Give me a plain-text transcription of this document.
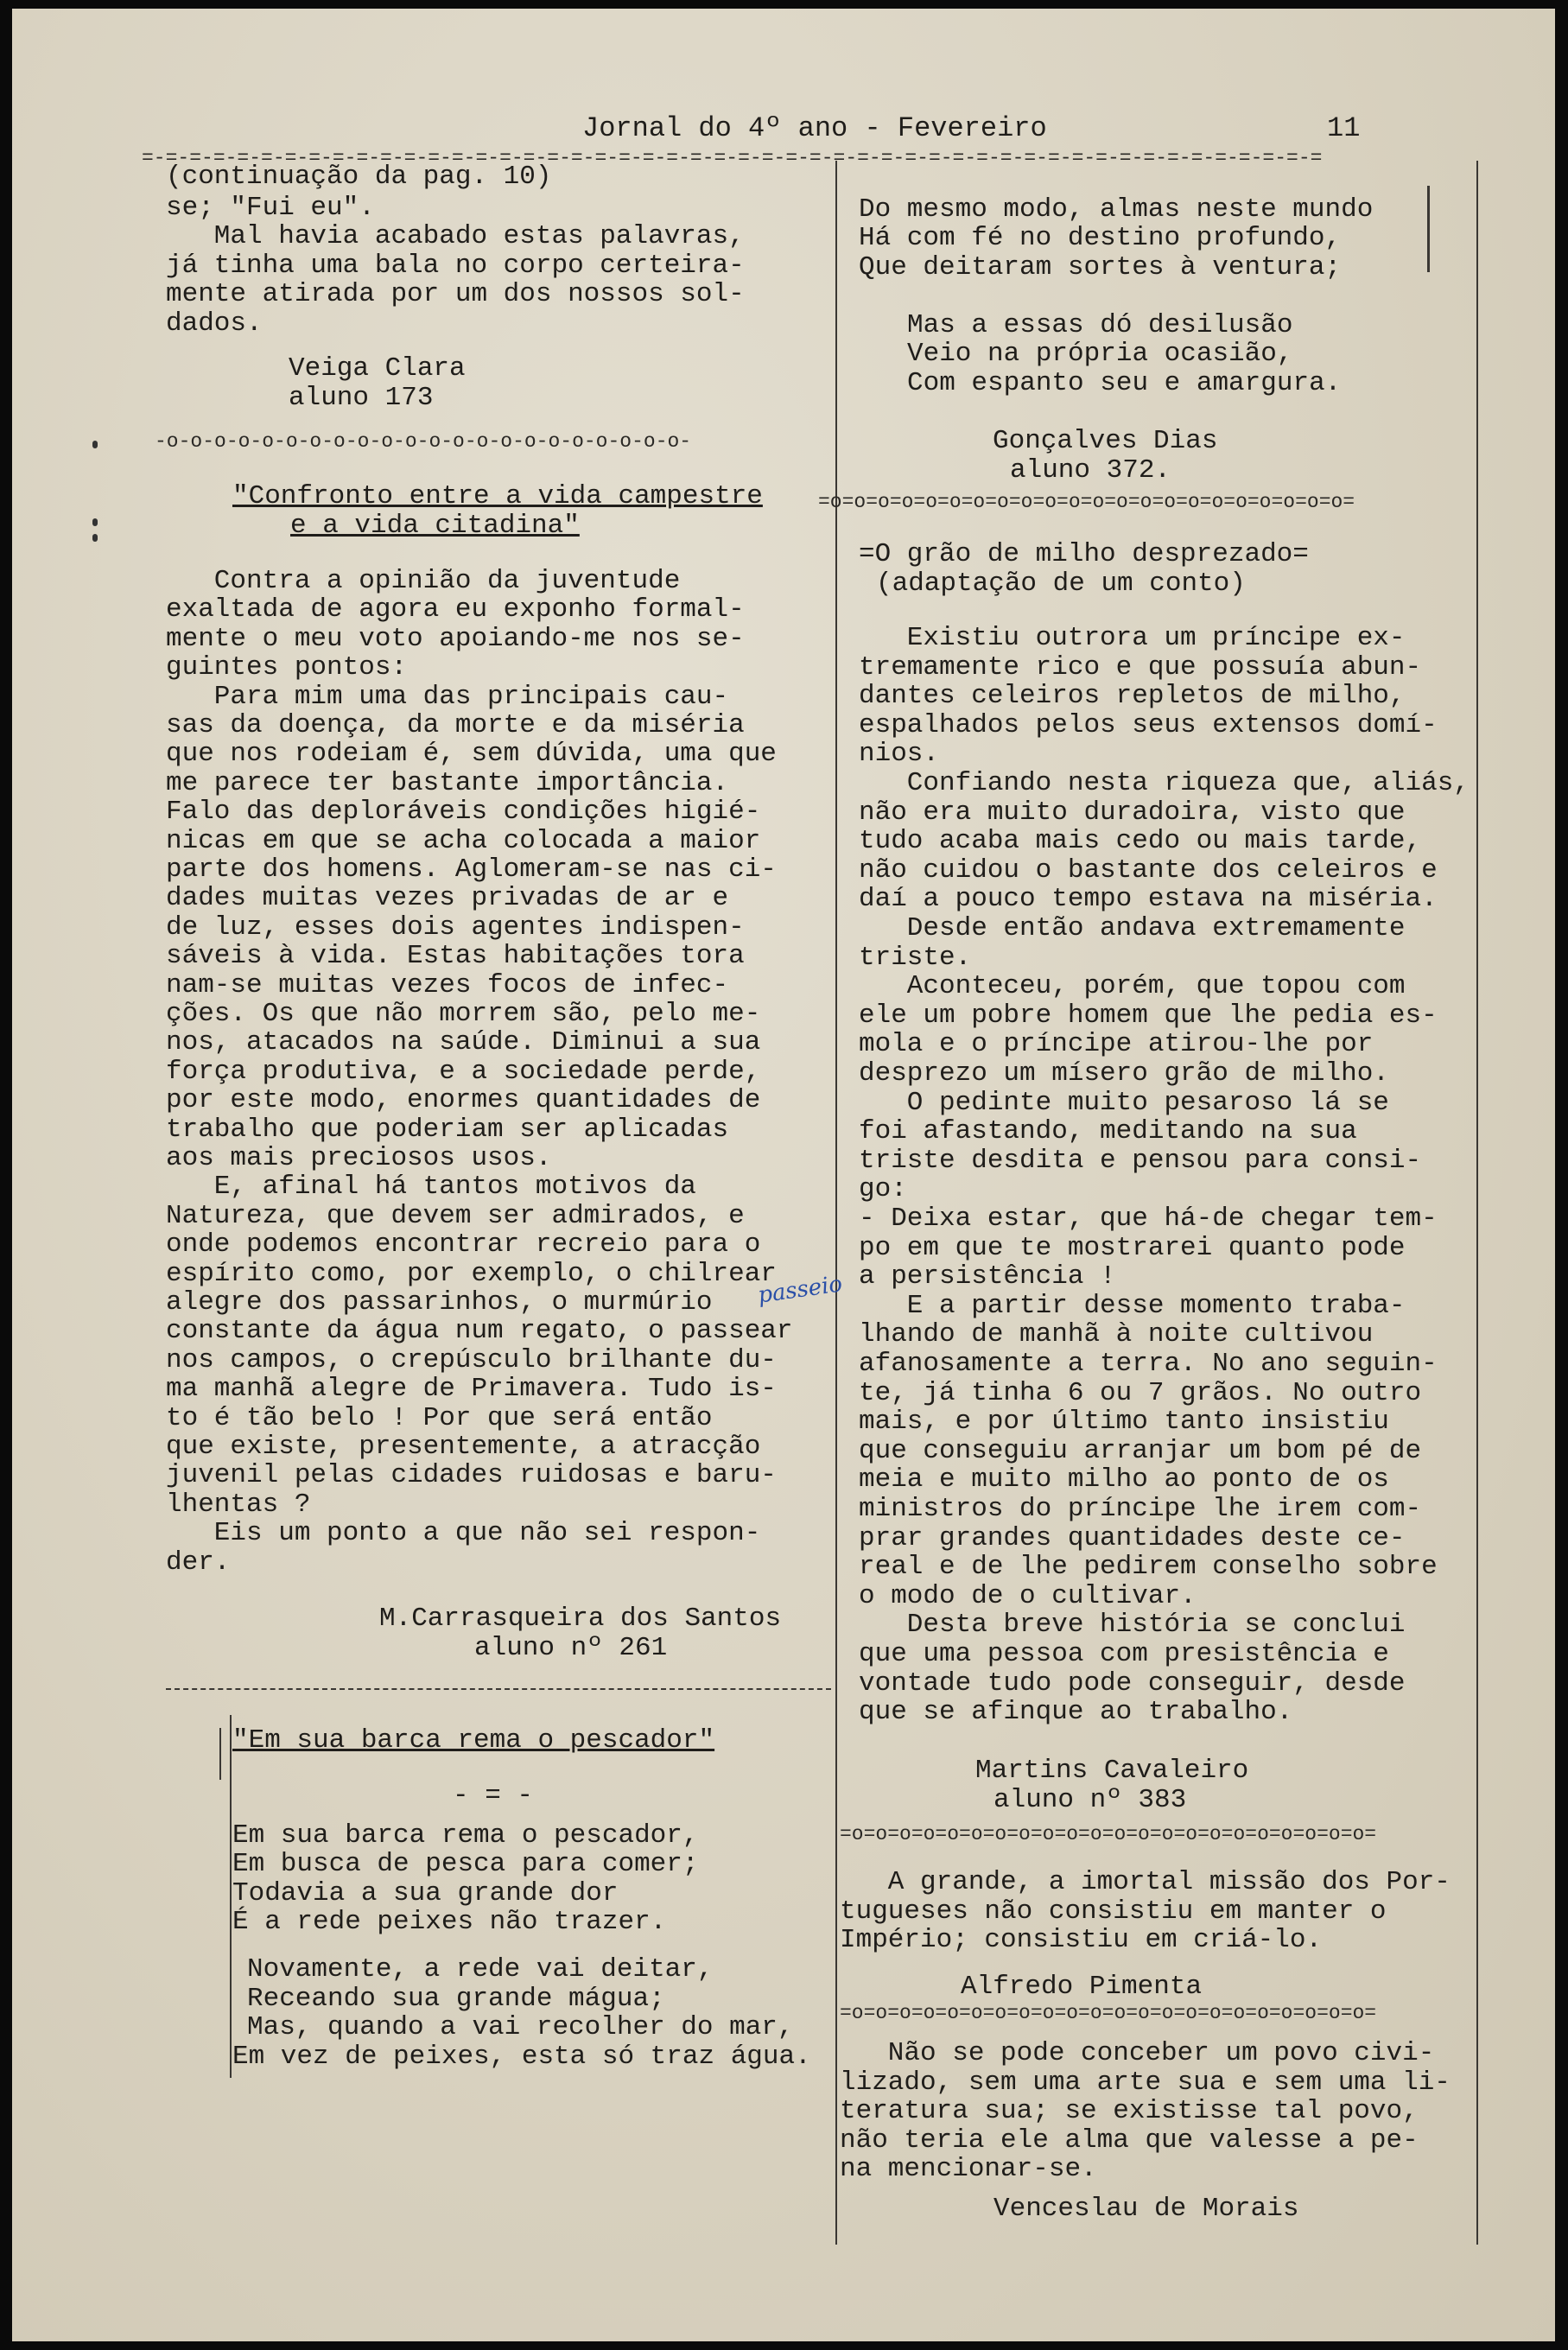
Jornal do 4º ano - Fevereiro	11
=-=-=-=-=-=-=-=-=-=-=-=-=-=-=-=-=-=-=-=-=-=-=-=-=-=-=-=-=-=-=-=-=-=-=-=-=-=-=-=-=-=-=-=-=-=-=-=-=-=
(continuação da pag. 10)
se; "Fui eu".
Mal havia acabado estas palavras,
já tinha uma bala no corpo certeira-
mente atirada por um dos nossos sol-
dados.
Veiga Clara
aluno 173
-o-o-o-o-o-o-o-o-o-o-o-o-o-o-o-o-o-o-o-o-o-o-
"Confronto entre a vida campestre
e a vida citadina"
Contra a opinião da juventude
exaltada de agora eu exponho formal-
mente o meu voto apoiando-me nos se-
guintes pontos:
Para mim uma das principais cau-
sas da doença, da morte e da miséria
que nos rodeiam é, sem dúvida, uma que
me parece ter bastante importância.
Falo das deploráveis condições higié-
nicas em que se acha colocada a maior
parte dos homens. Aglomeram-se nas ci-
dades muitas vezes privadas de ar e
de luz, esses dois agentes indispen-
sáveis à vida. Estas habitações tora
nam-se muitas vezes focos de infec-
ções. Os que não morrem são, pelo me-
nos, atacados na saúde. Diminui a sua
força produtiva, e a sociedade perde,
por este modo, enormes quantidades de
trabalho que poderiam ser aplicadas
aos mais preciosos usos.
E, afinal há tantos motivos da
Natureza, que devem ser admirados, e
onde podemos encontrar recreio para o
espírito como, por exemplo, o chilrear
alegre dos passarinhos, o murmúrio
constante da água num regato, o passear
nos campos, o crepúsculo brilhante du-
ma manhã alegre de Primavera. Tudo is-
to é tão belo ! Por que será então
que existe, presentemente, a atracção
juvenil pelas cidades ruidosas e baru-
lhentas ?
Eis um ponto a que não sei respon-
der.
passeio
M.Carrasqueira dos Santos
aluno nº 261
"Em sua barca rema o pescador"
- = -
Em sua barca rema o pescador,
Em busca de pesca para comer;
Todavia a sua grande dor
É a rede peixes não trazer.
Novamente, a rede vai deitar,
Receando sua grande mágua;
Mas, quando a vai recolher do mar,
Em vez de peixes, esta só traz água.
Do mesmo modo, almas neste mundo
Há com fé no destino profundo,
Que deitaram sortes à ventura;
Mas a essas dó desilusão
Veio na própria ocasião,
Com espanto seu e amargura.
Gonçalves Dias
aluno 372.
=o=o=o=o=o=o=o=o=o=o=o=o=o=o=o=o=o=o=o=o=o=o=
=O grão de milho desprezado=
(adaptação de um conto)
Existiu outrora um príncipe ex-
tremamente rico e que possuía abun-
dantes celeiros repletos de milho,
espalhados pelos seus extensos domí-
nios.
Confiando nesta riqueza que, aliás,
não era muito duradoira, visto que
tudo acaba mais cedo ou mais tarde,
não cuidou o bastante dos celeiros e
daí a pouco tempo estava na miséria.
Desde então andava extremamente
triste.
Aconteceu, porém, que topou com
ele um pobre homem que lhe pedia es-
mola e o príncipe atirou-lhe por
desprezo um mísero grão de milho.
O pedinte muito pesaroso lá se
foi afastando, meditando na sua
triste desdita e pensou para consi-
go:
- Deixa estar, que há-de chegar tem-
po em que te mostrarei quanto pode
a persistência !
E a partir desse momento traba-
lhando de manhã à noite cultivou
afanosamente a terra. No ano seguin-
te, já tinha 6 ou 7 grãos. No outro
mais, e por último tanto insistiu
que conseguiu arranjar um bom pé de
meia e muito milho ao ponto de os
ministros do príncipe lhe irem com-
prar grandes quantidades deste ce-
real e de lhe pedirem conselho sobre
o modo de o cultivar.
Desta breve história se conclui
que uma pessoa com presistência e
vontade tudo pode conseguir, desde
que se afinque ao trabalho.
Martins Cavaleiro
aluno nº 383
=o=o=o=o=o=o=o=o=o=o=o=o=o=o=o=o=o=o=o=o=o=o=
A grande, a imortal missão dos Por-
tugueses não consistiu em manter o
Império; consistiu em criá-lo.
Alfredo Pimenta
=o=o=o=o=o=o=o=o=o=o=o=o=o=o=o=o=o=o=o=o=o=o=
Não se pode conceber um povo civi-
lizado, sem uma arte sua e sem uma li-
teratura sua; se existisse tal povo,
não teria ele alma que valesse a pe-
na mencionar-se.
Venceslau de Morais
